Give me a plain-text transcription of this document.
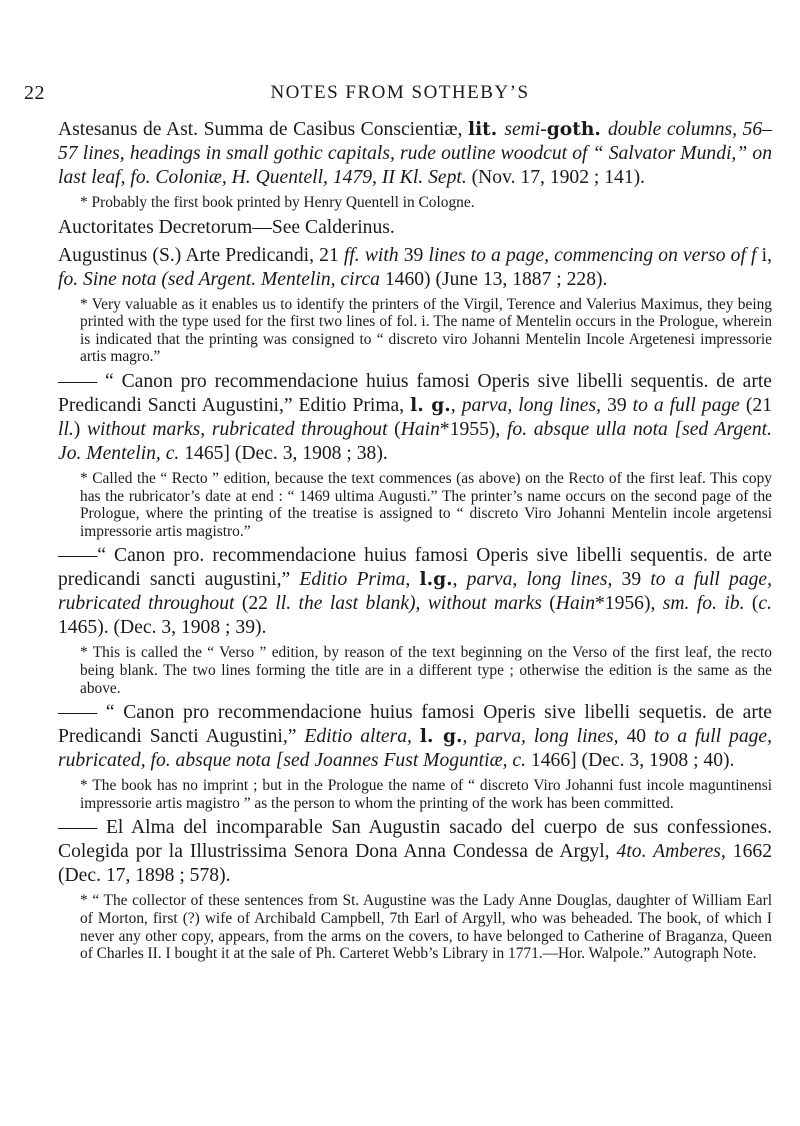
22	NOTES FROM SOTHEBY’S

Astesanus de Ast. Summa de Casibus Conscientiæ, lit. semi-goth. double columns, 56–57 lines, headings in small gothic capitals, rude outline woodcut of “ Salvator Mundi,” on last leaf, fo. Coloniæ, H. Quentell, 1479, II Kl. Sept. (Nov. 17, 1902 ; 141).

* Probably the first book printed by Henry Quentell in Cologne.

Auctoritates Decretorum—See Calderinus.

Augustinus (S.) Arte Predicandi, 21 ff. with 39 lines to a page, commencing on verso of f i, fo. Sine nota (sed Argent. Mentelin, circa 1460) (June 13, 1887 ; 228).

* Very valuable as it enables us to identify the printers of the Virgil, Terence and Valerius Maximus, they being printed with the type used for the first two lines of fol. i. The name of Mentelin occurs in the Prologue, wherein is indicated that the printing was consigned to “ discreto viro Johanni Mentelin Incole Argetenesi impressorie artis magro.”

—— “ Canon pro recommendacione huius famosi Operis sive libelli sequentis. de arte Predicandi Sancti Augustini,” Editio Prima, l. g., parva, long lines, 39 to a full page (21 ll.) without marks, rubricated throughout (Hain*1955), fo. absque ulla nota [sed Argent. Jo. Mentelin, c. 1465] (Dec. 3, 1908 ; 38).

* Called the “ Recto ” edition, because the text commences (as above) on the Recto of the first leaf. This copy has the rubricator’s date at end : “ 1469 ultima Augusti.” The printer’s name occurs on the second page of the Prologue, where the printing of the treatise is assigned to “ discreto Viro Johanni Mentelin incole argetensi impressorie artis magistro.”

——“ Canon pro. recommendacione huius famosi Operis sive libelli sequentis. de arte predicandi sancti augustini,” Editio Prima, l.g., parva, long lines, 39 to a full page, rubricated throughout (22 ll. the last blank), without marks (Hain*1956), sm. fo. ib. (c. 1465). (Dec. 3, 1908 ; 39).

* This is called the “ Verso ” edition, by reason of the text beginning on the Verso of the first leaf, the recto being blank. The two lines forming the title are in a different type ; otherwise the edition is the same as the above.

—— “ Canon pro recommendacione huius famosi Operis sive libelli sequetis. de arte Predicandi Sancti Augustini,” Editio altera, l. g., parva, long lines, 40 to a full page, rubricated, fo. absque nota [sed Joannes Fust Moguntiæ, c. 1466] (Dec. 3, 1908 ; 40).

* The book has no imprint ; but in the Prologue the name of “ discreto Viro Johanni fust incole maguntinensi impressorie artis magistro ” as the person to whom the printing of the work has been committed.

—— El Alma del incomparable San Augustin sacado del cuerpo de sus confessiones. Colegida por la Illustrissima Senora Dona Anna Condessa de Argyl, 4to. Amberes, 1662 (Dec. 17, 1898 ; 578).

* “ The collector of these sentences from St. Augustine was the Lady Anne Douglas, daughter of William Earl of Morton, first (?) wife of Archibald Campbell, 7th Earl of Argyll, who was beheaded. The book, of which I never any other copy, appears, from the arms on the covers, to have belonged to Catherine of Braganza, Queen of Charles II. I bought it at the sale of Ph. Carteret Webb’s Library in 1771.—Hor. Walpole.” Autograph Note.
